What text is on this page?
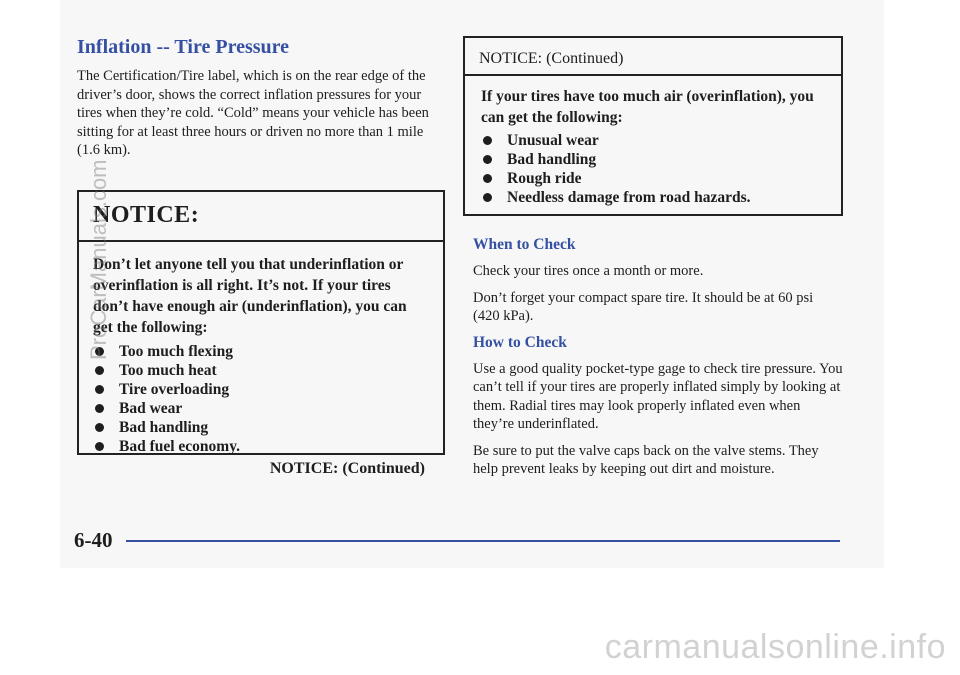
Inflation -- Tire Pressure

The Certification/Tire label, which is on the rear edge of the driver’s door, shows the correct inflation pressures for your tires when they’re cold. “Cold” means your vehicle has been sitting for at least three hours or driven no more than 1 mile (1.6 km).

NOTICE:

Don’t let anyone tell you that underinflation or overinflation is all right. It’s not. If your tires don’t have enough air (underinflation), you can get the following:

Too much flexing
Too much heat
Tire overloading
Bad wear
Bad handling
Bad fuel economy.
NOTICE: (Continued)
NOTICE: (Continued)

If your tires have too much air (overinflation), you can get the following:

Unusual wear
Bad handling
Rough ride
Needless damage from road hazards.
When to Check

Check your tires once a month or more.

Don’t forget your compact spare tire. It should be at 60 psi (420 kPa).

How to Check

Use a good quality pocket-type gage to check tire pressure. You can’t tell if your tires are properly inflated simply by looking at them. Radial tires may look properly inflated even when they’re underinflated.

Be sure to put the valve caps back on the valve stems. They help prevent leaks by keeping out dirt and moisture.

6-40
ProCarManuals.com
carmanualsonline.info
